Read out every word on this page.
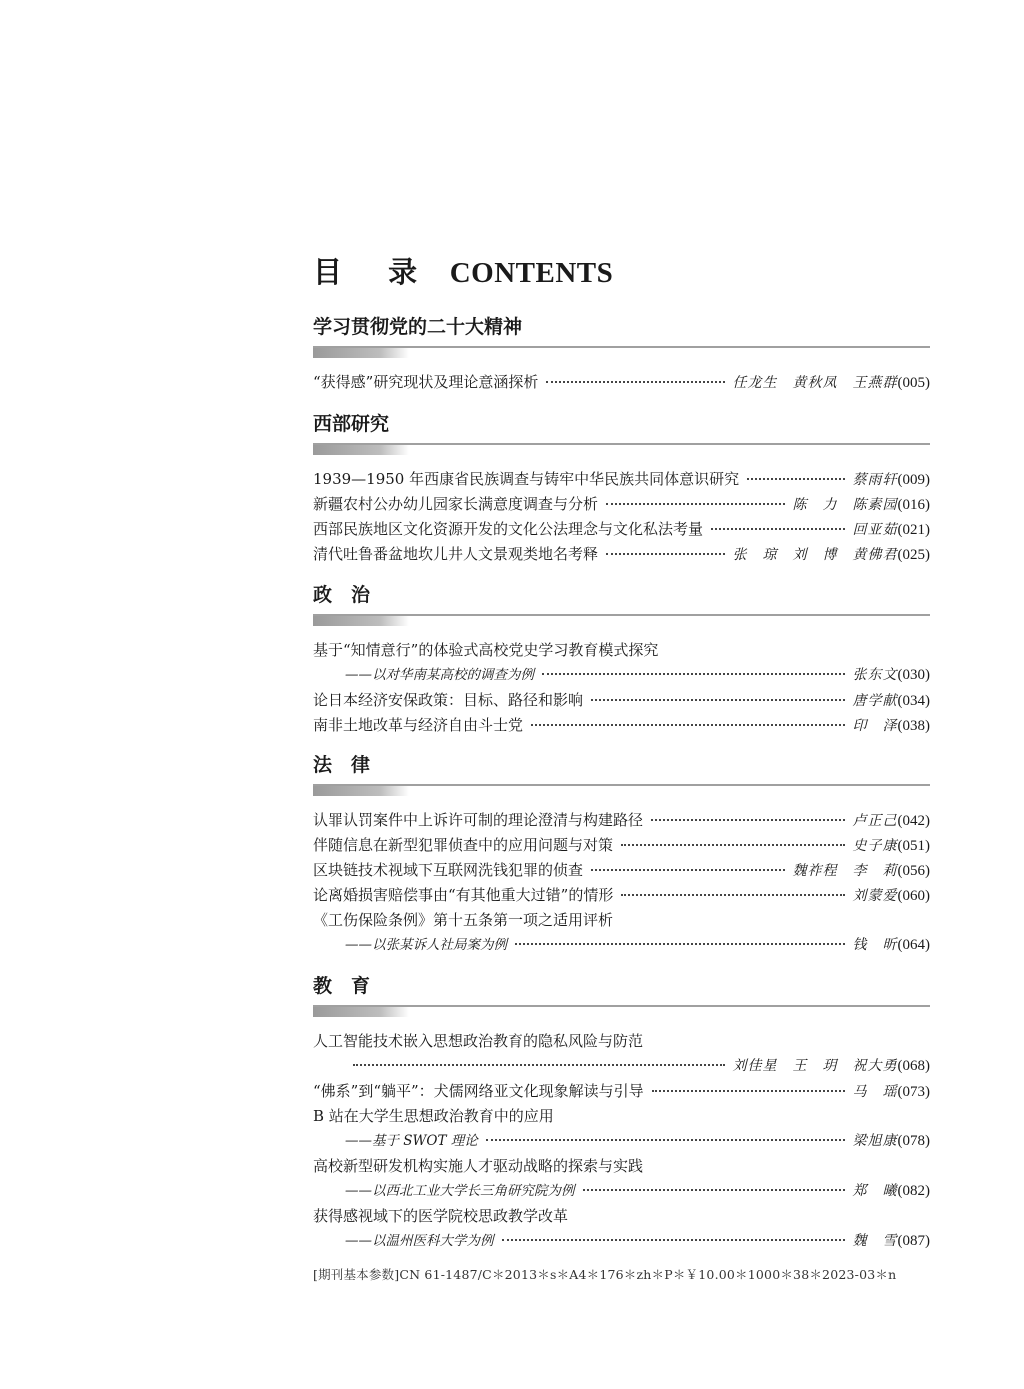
目 录 CONTENTS
学习贯彻党的二十大精神
“获得感”研究现状及理论意涵探析	任龙生　黄秋凤　王燕群 (005)
西部研究
1939—1950 年西康省民族调查与铸牢中华民族共同体意识研究	蔡雨轩 (009)
新疆农村公办幼儿园家长满意度调查与分析	陈　力　陈素园 (016)
西部民族地区文化资源开发的文化公法理念与文化私法考量	回亚茹 (021)
清代吐鲁番盆地坎儿井人文景观类地名考释	张　琼　刘　博　黄佛君 (025)
政　治
基于“知情意行”的体验式高校党史学习教育模式探究
——以对华南某高校的调查为例	张东文 (030)
论日本经济安保政策：目标、路径和影响	唐学献 (034)
南非土地改革与经济自由斗士党	印　泽 (038)
法　律
认罪认罚案件中上诉许可制的理论澄清与构建路径	卢正己 (042)
伴随信息在新型犯罪侦查中的应用问题与对策	史子康 (051)
区块链技术视域下互联网洗钱犯罪的侦查	魏祚程　李　莉 (056)
论离婚损害赔偿事由“有其他重大过错”的情形	刘蒙爱 (060)
《工伤保险条例》第十五条第一项之适用评析
——以张某诉人社局案为例	钱　昕 (064)
教　育
人工智能技术嵌入思想政治教育的隐私风险与防范
刘佳星　王　玥　祝大勇 (068)
“佛系”到“躺平”：犬儒网络亚文化现象解读与引导	马　瑶 (073)
B 站在大学生思想政治教育中的应用
——基于 SWOT 理论	梁旭康 (078)
高校新型研发机构实施人才驱动战略的探索与实践
——以西北工业大学长三角研究院为例	郑　曦 (082)
获得感视域下的医学院校思政教学改革
——以温州医科大学为例	魏　雪 (087)
[期刊基本参数]CN 61-1487/C＊2013＊s＊A4＊176＊zh＊P＊￥10.00＊1000＊38＊2023-03＊n
